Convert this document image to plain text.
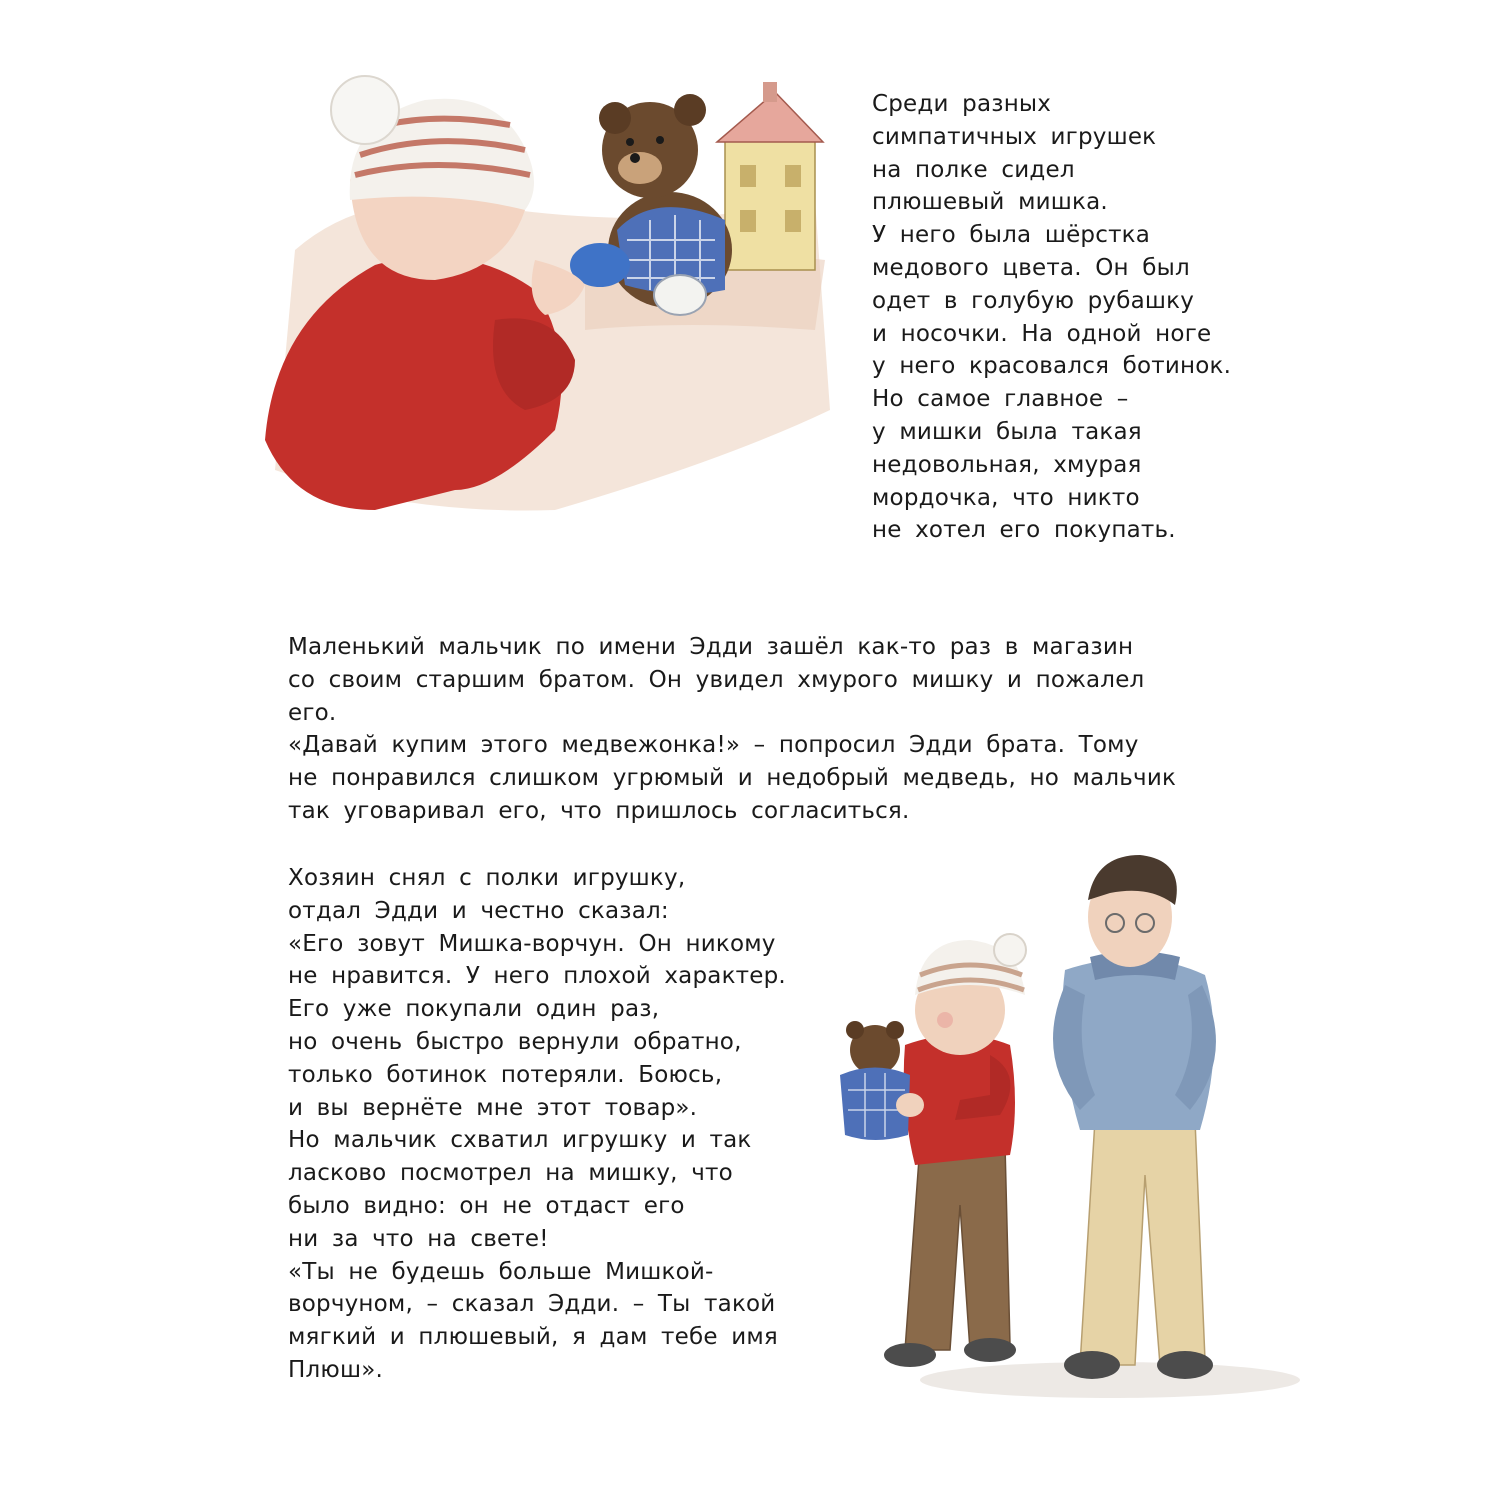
Среди разных
симпатичных игрушек
на полке сидел
плюшевый мишка.
У него была шёрстка
медового цвета. Он был
одет в голубую рубашку
и носочки. На одной ноге
у него красовался ботинок.
Но самое главное –
у мишки была такая
недовольная, хмурая
мордочка, что никто
не хотел его покупать.

Маленький мальчик по имени Эдди зашёл как-то раз в магазин
со своим старшим братом. Он увидел хмурого мишку и пожалел его.
«Давай купим этого медвежонка!» – попросил Эдди брата. Тому
не понравился слишком угрюмый и недобрый медведь, но мальчик
так уговаривал его, что пришлось согласиться.

Хозяин снял с полки игрушку,
отдал Эдди и честно сказал:
«Его зовут Мишка-ворчун. Он никому
не нравится. У него плохой характер.
Его уже покупали один раз,
но очень быстро вернули обратно,
только ботинок потеряли. Боюсь,
и вы вернёте мне этот товар».
Но мальчик схватил игрушку и так
ласково посмотрел на мишку, что
было видно: он не отдаст его
ни за что на свете!
«Ты не будешь больше Мишкой-
ворчуном, – сказал Эдди. – Ты такой
мягкий и плюшевый, я дам тебе имя
Плюш».
